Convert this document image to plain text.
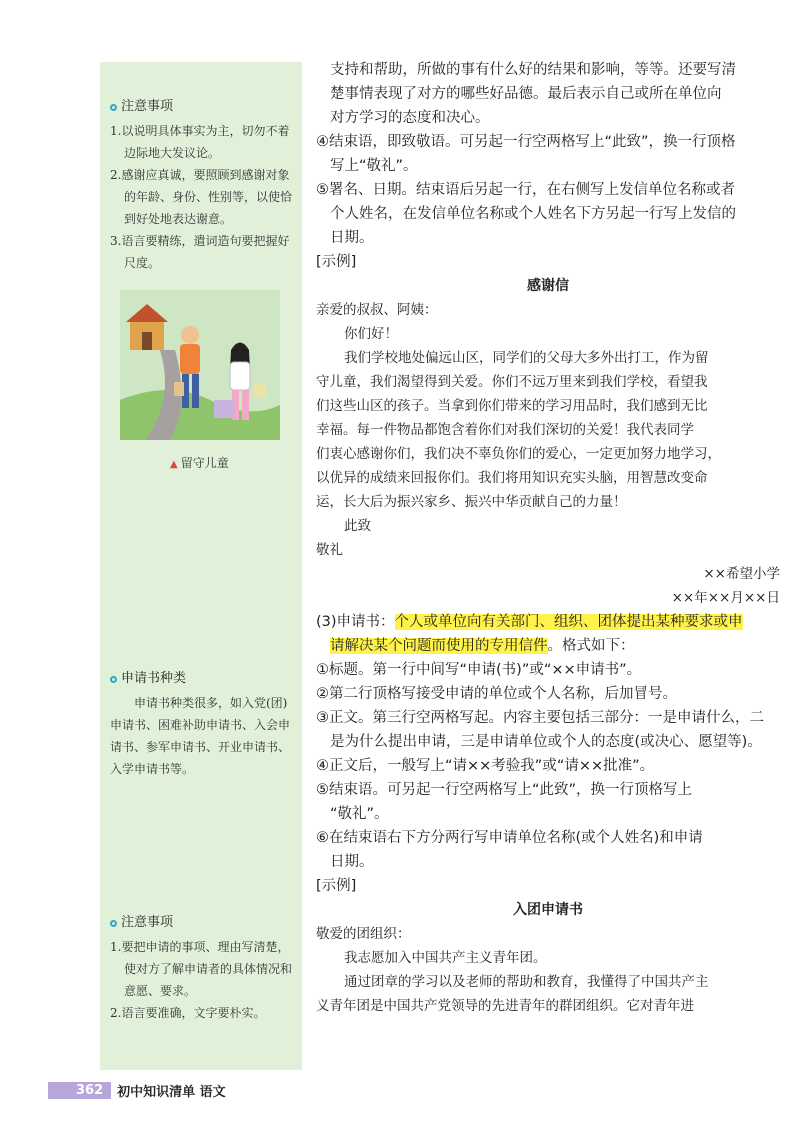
注意事项
1.以说明具体事实为主，切勿不着边际地大发议论。
2.感谢应真诚，要照顾到感谢对象的年龄、身份、性别等，以使恰到好处地表达谢意。
3.语言要精练，遣词造句要把握好尺度。
▲ 留守儿童
申请书种类

申请书种类很多，如入党(团)申请书、困难补助申请书、入会申请书、参军申请书、开业申请书、入学申请书等。

注意事项
1.要把申请的事项、理由写清楚，使对方了解申请者的具体情况和意愿、要求。
2.语言要准确，文字要朴实。
支持和帮助，所做的事有什么好的结果和影响，等等。还要写清
楚事情表现了对方的哪些好品德。最后表示自己或所在单位向
对方学习的态度和决心。
④结束语，即致敬语。可另起一行空两格写上“此致”，换一行顶格
写上“敬礼”。
⑤署名、日期。结束语后另起一行，在右侧写上发信单位名称或者
个人姓名，在发信单位名称或个人姓名下方另起一行写上发信的
日期。
[示例]
感谢信
亲爱的叔叔、阿姨：
你们好！
我们学校地处偏远山区，同学们的父母大多外出打工，作为留
守儿童，我们渴望得到关爱。你们不远万里来到我们学校，看望我
们这些山区的孩子。当拿到你们带来的学习用品时，我们感到无比
幸福。每一件物品都饱含着你们对我们深切的关爱！我代表同学
们衷心感谢你们，我们决不辜负你们的爱心，一定更加努力地学习，
以优异的成绩来回报你们。我们将用知识充实头脑，用智慧改变命
运，长大后为振兴家乡、振兴中华贡献自己的力量！
此致
敬礼
××希望小学
××年××月××日
(3)申请书：个人或单位向有关部门、组织、团体提出某种要求或申
请解决某个问题而使用的专用信件。格式如下：
①标题。第一行中间写“申请(书)”或“××申请书”。
②第二行顶格写接受申请的单位或个人名称，后加冒号。
③正文。第三行空两格写起。内容主要包括三部分：一是申请什么，二
是为什么提出申请，三是申请单位或个人的态度(或决心、愿望等)。
④正文后，一般写上“请××考验我”或“请××批准”。
⑤结束语。可另起一行空两格写上“此致”，换一行顶格写上
“敬礼”。
⑥在结束语右下方分两行写申请单位名称(或个人姓名)和申请
日期。
[示例]
入团申请书
敬爱的团组织：
我志愿加入中国共产主义青年团。
通过团章的学习以及老师的帮助和教育，我懂得了中国共产主
义青年团是中国共产党领导的先进青年的群团组织。它对青年进
362	初中知识清单 语文
